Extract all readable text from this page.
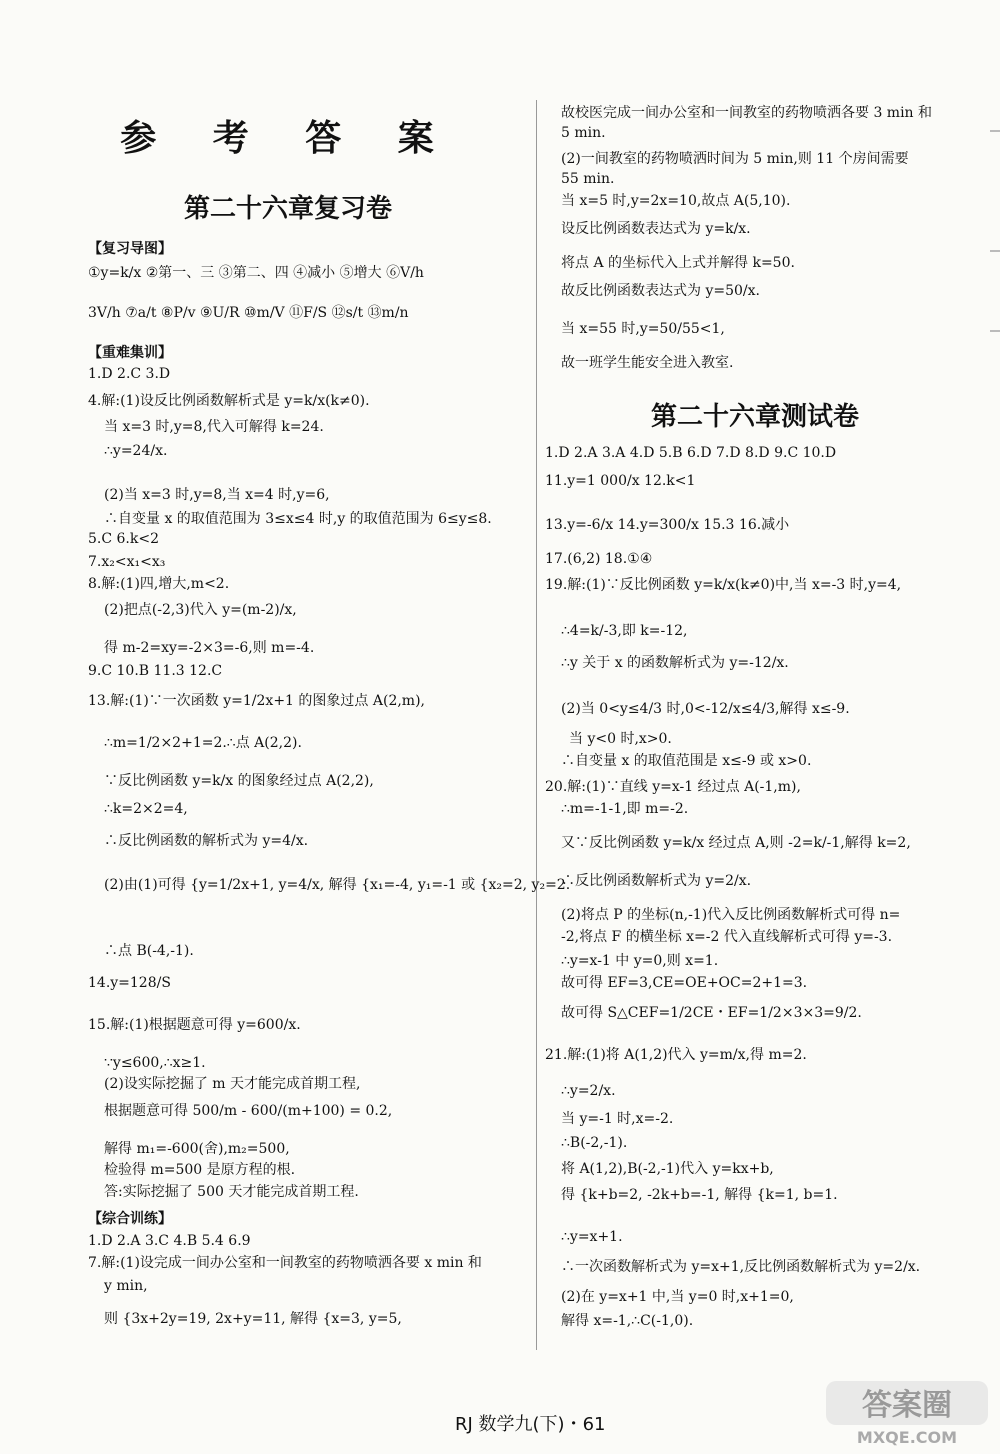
参 考 答 案
第二十六章复习卷
【复习导图】
①y=k/x ②第一、三 ③第二、四 ④减小 ⑤增大 ⑥V/h
3V/h ⑦a/t ⑧P/v ⑨U/R ⑩m/V ⑪F/S ⑫s/t ⑬m/n
【重难集训】
1.D 2.C 3.D
4.解:(1)设反比例函数解析式是 y=k/x(k≠0).
当 x=3 时,y=8,代入可解得 k=24.
∴y=24/x.
(2)当 x=3 时,y=8,当 x=4 时,y=6,
∴自变量 x 的取值范围为 3≤x≤4 时,y 的取值范围为 6≤y≤8.
5.C 6.k<2
7.x₂<x₁<x₃
8.解:(1)四,增大,m<2.
(2)把点(-2,3)代入 y=(m-2)/x,
得 m-2=xy=-2×3=-6,则 m=-4.
9.C 10.B 11.3 12.C
13.解:(1)∵一次函数 y=1/2x+1 的图象过点 A(2,m),
∴m=1/2×2+1=2.∴点 A(2,2).
∵反比例函数 y=k/x 的图象经过点 A(2,2),
∴k=2×2=4,
∴反比例函数的解析式为 y=4/x.
(2)由(1)可得 {y=1/2x+1, y=4/x, 解得 {x₁=-4, y₁=-1 或 {x₂=2, y₂=2.
∴点 B(-4,-1).
14.y=128/S
15.解:(1)根据题意可得 y=600/x.
∵y≤600,∴x≥1.
(2)设实际挖掘了 m 天才能完成首期工程,
根据题意可得 500/m - 600/(m+100) = 0.2,
解得 m₁=-600(舍),m₂=500,
检验得 m=500 是原方程的根.
答:实际挖掘了 500 天才能完成首期工程.
【综合训练】
1.D 2.A 3.C 4.B 5.4 6.9
7.解:(1)设完成一间办公室和一间教室的药物喷洒各要 x min 和
y min,
则 {3x+2y=19, 2x+y=11, 解得 {x=3, y=5,
第二十六章测试卷
故校医完成一间办公室和一间教室的药物喷洒各要 3 min 和
5 min.
(2)一间教室的药物喷洒时间为 5 min,则 11 个房间需要
55 min.
当 x=5 时,y=2x=10,故点 A(5,10).
设反比例函数表达式为 y=k/x.
将点 A 的坐标代入上式并解得 k=50.
故反比例函数表达式为 y=50/x.
当 x=55 时,y=50/55<1,
故一班学生能安全进入教室.
1.D 2.A 3.A 4.D 5.B 6.D 7.D 8.D 9.C 10.D
11.y=1 000/x 12.k<1
13.y=-6/x 14.y=300/x 15.3 16.减小
17.(6,2) 18.①④
19.解:(1)∵反比例函数 y=k/x(k≠0)中,当 x=-3 时,y=4,
∴4=k/-3,即 k=-12,
∴y 关于 x 的函数解析式为 y=-12/x.
(2)当 0<y≤4/3 时,0<-12/x≤4/3,解得 x≤-9.
当 y<0 时,x>0.
∴自变量 x 的取值范围是 x≤-9 或 x>0.
20.解:(1)∵直线 y=x-1 经过点 A(-1,m),
∴m=-1-1,即 m=-2.
又∵反比例函数 y=k/x 经过点 A,则 -2=k/-1,解得 k=2,
∴反比例函数解析式为 y=2/x.
(2)将点 P 的坐标(n,-1)代入反比例函数解析式可得 n=
-2,将点 F 的横坐标 x=-2 代入直线解析式可得 y=-3.
∴y=x-1 中 y=0,则 x=1.
故可得 EF=3,CE=OE+OC=2+1=3.
故可得 S△CEF=1/2CE・EF=1/2×3×3=9/2.
21.解:(1)将 A(1,2)代入 y=m/x,得 m=2.
∴y=2/x.
当 y=-1 时,x=-2.
∴B(-2,-1).
将 A(1,2),B(-2,-1)代入 y=kx+b,
得 {k+b=2, -2k+b=-1, 解得 {k=1, b=1.
∴y=x+1.
∴一次函数解析式为 y=x+1,反比例函数解析式为 y=2/x.
(2)在 y=x+1 中,当 y=0 时,x+1=0,
解得 x=-1,∴C(-1,0).
RJ 数学九(下)・61
答案圈
MXQE.COM
